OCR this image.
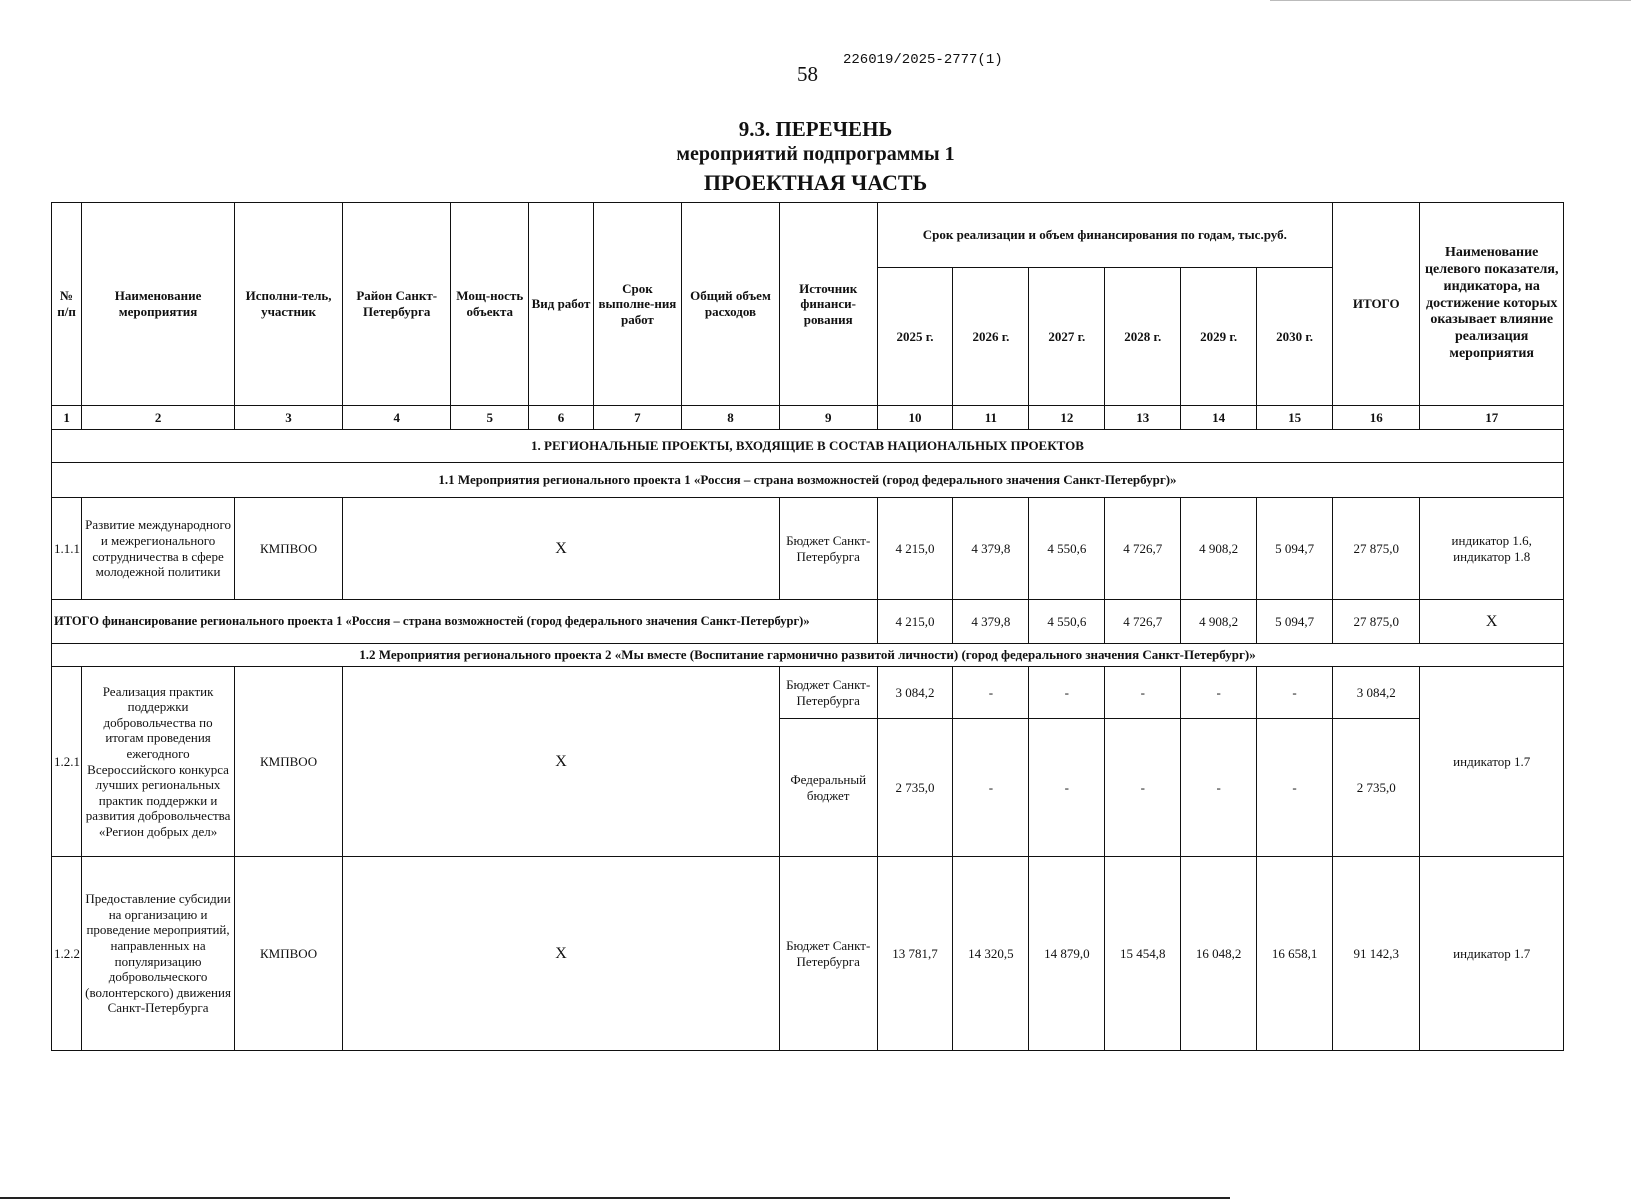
58
226019/2025-2777(1)
9.3. ПЕРЕЧЕНЬ
мероприятий подпрограммы 1
ПРОЕКТНАЯ ЧАСТЬ
№ п/п	Наименование мероприятия	Исполни-тель, участник	Район Санкт-Петербурга	Мощ-ность объекта	Вид работ	Срок выполне-ния работ	Общий объем расходов	Источник финанси-рования	Срок реализации и объем финансирования по годам, тыс.руб.						ИТОГО	Наименование целевого показателя, индикатора, на достижение которых оказывает влияние реализация мероприятия
									2025 г.	2026 г.	2027 г.	2028 г.	2029 г.	2030 г.		
1	2	3	4	5	6	7	8	9	10	11	12	13	14	15	16	17
1. РЕГИОНАЛЬНЫЕ ПРОЕКТЫ, ВХОДЯЩИЕ В СОСТАВ НАЦИОНАЛЬНЫХ ПРОЕКТОВ																
1.1 Мероприятия регионального проекта 1 «Россия – страна возможностей (город федерального значения Санкт-Петербург)»																
1.1.1	Развитие международного и межрегионального сотрудничества в сфере молодежной политики	КМПВОО	Х					Бюджет Санкт-Петербурга	4 215,0	4 379,8	4 550,6	4 726,7	4 908,2	5 094,7	27 875,0	индикатор 1.6, индикатор 1.8
ИТОГО финансирование регионального проекта 1 «Россия – страна возможностей (город федерального значения Санкт-Петербург)»									4 215,0	4 379,8	4 550,6	4 726,7	4 908,2	5 094,7	27 875,0	Х
1.2 Мероприятия регионального проекта 2 «Мы вместе (Воспитание гармонично развитой личности) (город федерального значения Санкт-Петербург)»																
1.2.1	Реализация практик поддержки добровольчества по итогам проведения ежегодного Всероссийского конкурса лучших региональных практик поддержки и развития добровольчества «Регион добрых дел»	КМПВОО	Х					Бюджет Санкт-Петербурга	3 084,2	-	-	-	-	-	3 084,2	индикатор 1.7
								Федеральный бюджет	2 735,0	-	-	-	-	-	2 735,0	
1.2.2	Предоставление субсидии на организацию и проведение мероприятий, направленных на популяризацию добровольческого (волонтерского) движения Санкт-Петербурга	КМПВОО	Х					Бюджет Санкт-Петербурга	13 781,7	14 320,5	14 879,0	15 454,8	16 048,2	16 658,1	91 142,3	индикатор 1.7
